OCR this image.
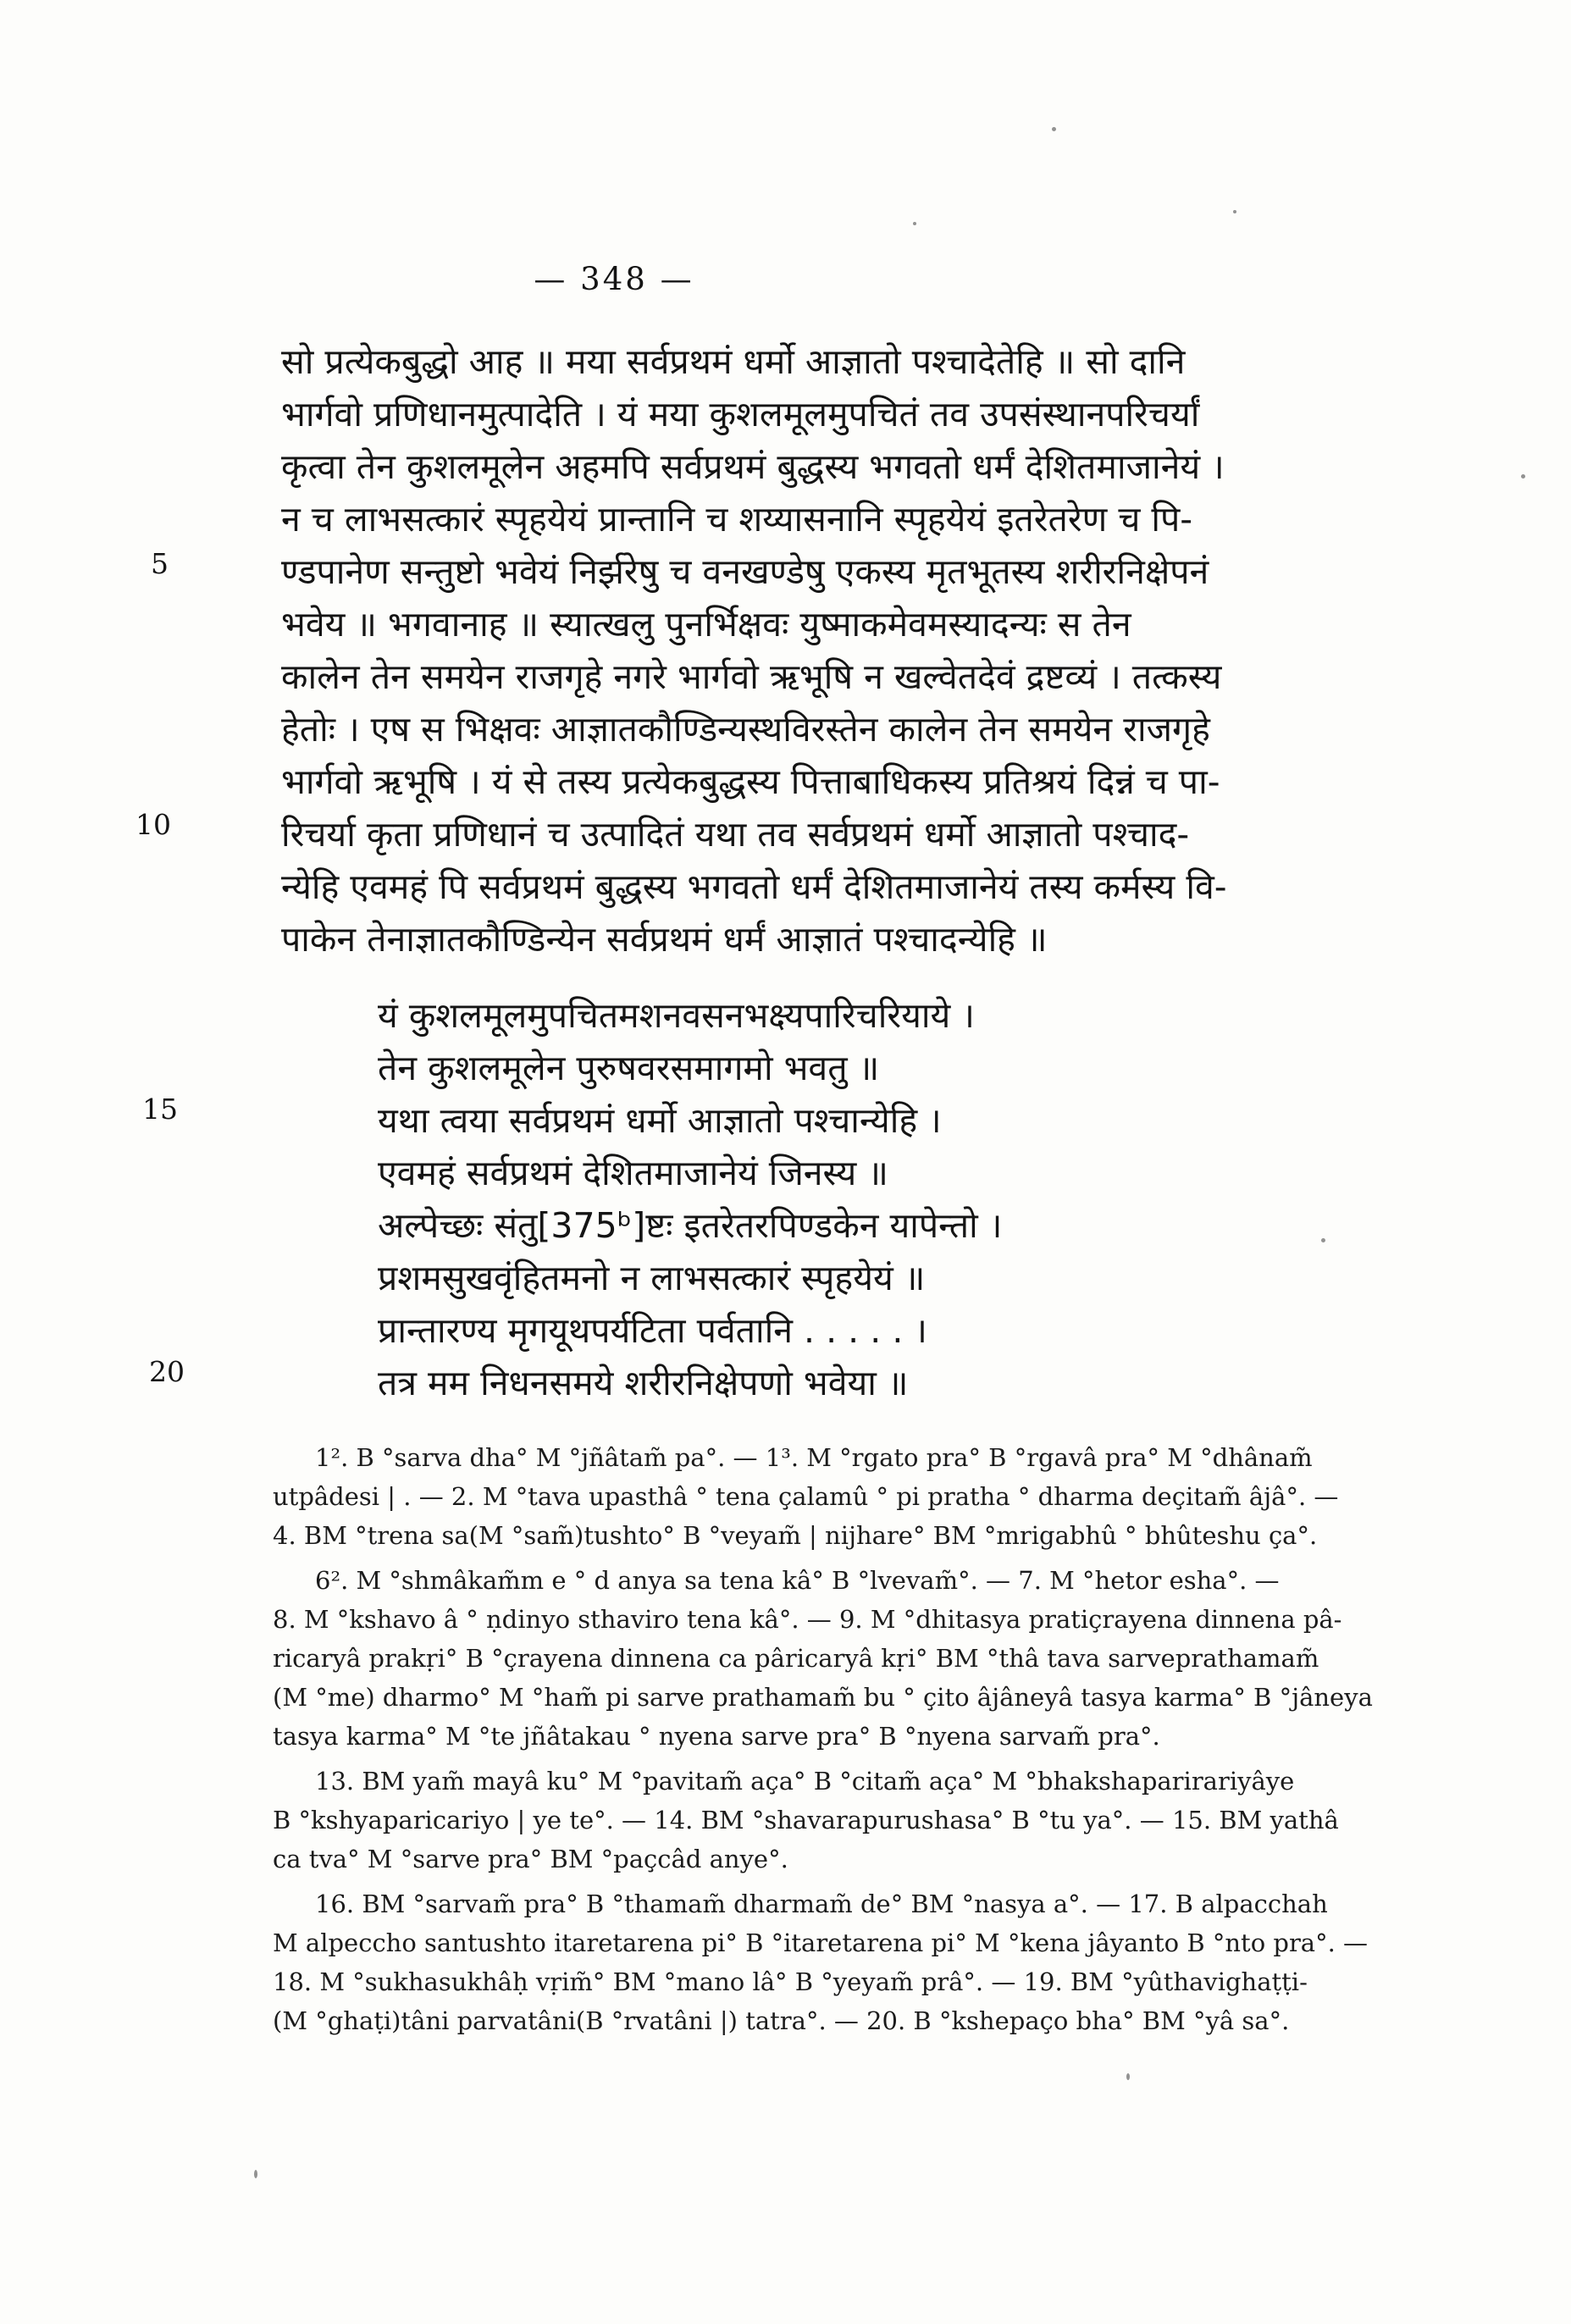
— 348 —
5
10
15
20
सो प्रत्येकबुद्धो आह ॥ मया सर्वप्रथमं धर्मो आज्ञातो पश्चादेतेहि ॥ सो दानि
भार्गवो प्रणिधानमुत्पादेति । यं मया कुशलमूलमुपचितं तव उपसंस्थानपरिचर्यां
कृत्वा तेन कुशलमूलेन अहमपि सर्वप्रथमं बुद्धस्य भगवतो धर्मं देशितमाजानेयं ।
न च लाभसत्कारं स्पृहयेयं प्रान्तानि च शय्यासनानि स्पृहयेयं इतरेतरेण च पि-
ण्डपानेण सन्तुष्टो भवेयं निर्झरेषु च वनखण्डेषु एकस्य मृतभूतस्य शरीरनिक्षेपनं
भवेय ॥ भगवानाह ॥ स्यात्खलु पुनर्भिक्षवः युष्माकमेवमस्यादन्यः स तेन
कालेन तेन समयेन राजगृहे नगरे भार्गवो ऋभूषि न खल्वेतदेवं द्रष्टव्यं । तत्कस्य
हेतोः । एष स भिक्षवः आज्ञातकौण्डिन्यस्थविरस्तेन कालेन तेन समयेन राजगृहे
भार्गवो ऋभूषि । यं से तस्य प्रत्येकबुद्धस्य पित्ताबाधिकस्य प्रतिश्रयं दिन्नं च पा-
रिचर्या कृता प्रणिधानं च उत्पादितं यथा तव सर्वप्रथमं धर्मो आज्ञातो पश्चाद-
न्येहि एवमहं पि सर्वप्रथमं बुद्धस्य भगवतो धर्मं देशितमाजानेयं तस्य कर्मस्य वि-
पाकेन तेनाज्ञातकौण्डिन्येन सर्वप्रथमं धर्मं आज्ञातं पश्चादन्येहि ॥
यं कुशलमूलमुपचितमशनवसनभक्ष्यपारिचरियाये ।
तेन कुशलमूलेन पुरुषवरसमागमो भवतु ॥
यथा त्वया सर्वप्रथमं धर्मो आज्ञातो पश्चान्येहि ।
एवमहं सर्वप्रथमं देशितमाजानेयं जिनस्य ॥
अल्पेच्छः संतु[375ᵇ]ष्टः इतरेतरपिण्डकेन यापेन्तो ।
प्रशमसुखवृंहितमनो न लाभसत्कारं स्पृहयेयं ॥
प्रान्तारण्य मृगयूथपर्यटिता पर्वतानि . . . . . ।
तत्र मम निधनसमये शरीरनिक्षेपणो भवेया ॥
1². B °sarva dha° M °jñâtam̃ pa°. — 1³. M °rgato pra° B °rgavâ pra° M °dhânam̃
utpâdesi | . — 2. M °tava upasthâ ° tena çalamû ° pi pratha ° dharma deçitam̃ âjâ°. —
4. BM °trena sa(M °sam̃)tushto° B °veyam̃ | nijhare° BM °mrigabhû ° bhûteshu ça°.
6². M °shmâkam̃m e ° d anya sa tena kâ° B °lvevam̃°. — 7. M °hetor esha°. —
8. M °kshavo â ° ṇdinyo sthaviro tena kâ°. — 9. M °dhitasya pratiçrayena dinnena pâ-
ricaryâ prakṛi° B °çrayena dinnena ca pâricaryâ kṛi° BM °thâ tava sarveprathamam̃
(M °me) dharmo° M °ham̃ pi sarve prathamam̃ bu ° çito âjâneyâ tasya karma° B °jâneya
tasya karma° M °te jñâtakau ° nyena sarve pra° B °nyena sarvam̃ pra°.
13. BM yam̃ mayâ ku° M °pavitam̃ aça° B °citam̃ aça° M °bhakshaparirariyâye
B °kshyaparicariyo | ye te°. — 14. BM °shavarapurushasa° B °tu ya°. — 15. BM yathâ
ca tva° M °sarve pra° BM °paçcâd anye°.
16. BM °sarvam̃ pra° B °thamam̃ dharmam̃ de° BM °nasya a°. — 17. B alpacchah
M alpeccho santushto itaretarena pi° B °itaretarena pi° M °kena jâyanto B °nto pra°. —
18. M °sukhasukhâḥ vṛim̃° BM °mano lâ° B °yeyam̃ prâ°. — 19. BM °yûthavighaṭṭi-
(M °ghaṭi)tâni parvatâni(B °rvatâni |) tatra°. — 20. B °kshepaço bha° BM °yâ sa°.
